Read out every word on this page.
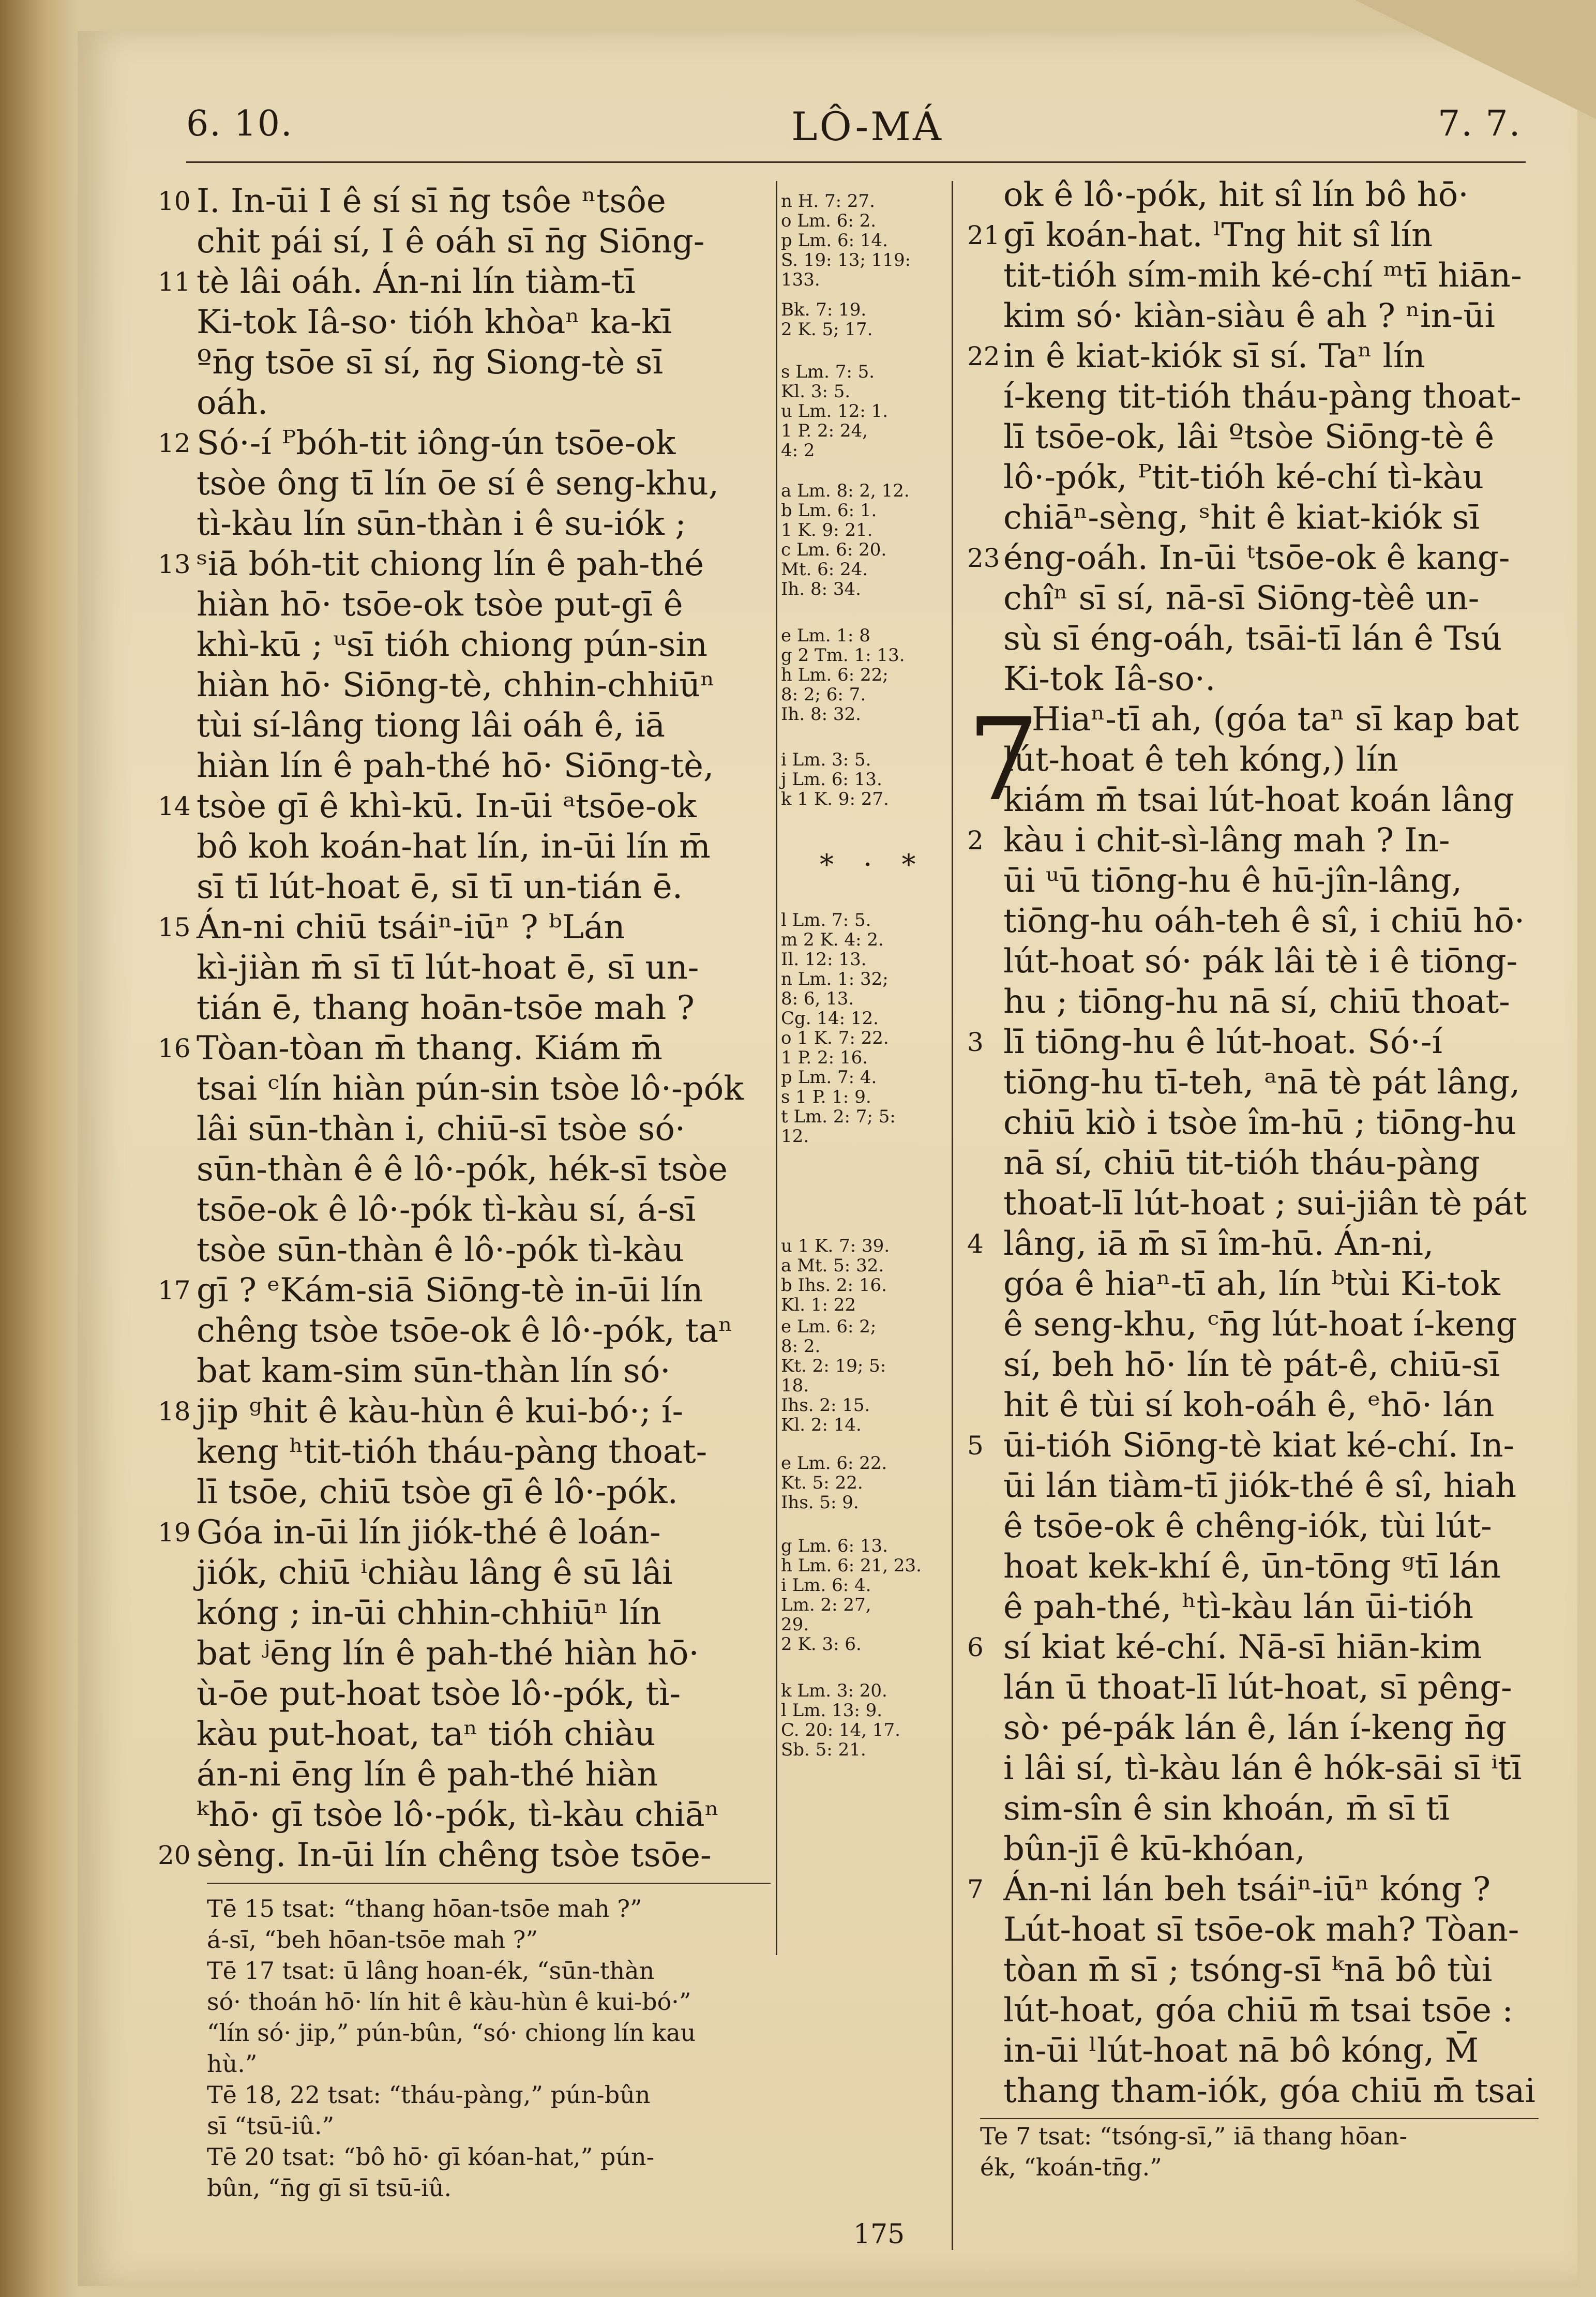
6. 10.	LÔ-MÁ	7. 7.
10 I. In-ūi I ê sí sī n̄g tsôe ⁿtsôe
chit pái sí, I ê oáh sī n̄g Siōng-
11 tè lâi oáh. Án-ni lín tiàm-tī
Ki-tok Iâ-so· tióh khòaⁿ ka-kī
ºn̄g tsōe sī sí, n̄g Siong-tè sī
oáh.
12 Só·-í ᴾbóh-tit iông-ún tsōe-ok
tsòe ông tī lín ōe sí ê seng-khu,
tì-kàu lín sūn-thàn i ê su-iók ;
13 ˢiā bóh-tit chiong lín ê pah-thé
hiàn hō· tsōe-ok tsòe put-gī ê
khì-kū ; ᵘsī tióh chiong pún-sin
hiàn hō· Siōng-tè, chhin-chhiūⁿ
tùi sí-lâng tiong lâi oáh ê, iā
hiàn lín ê pah-thé hō· Siōng-tè,
14 tsòe gī ê khì-kū. In-ūi ᵃtsōe-ok
bô koh koán-hat lín, in-ūi lín m̄
sī tī lút-hoat ē, sī tī un-tián ē.
15 Án-ni chiū tsáiⁿ-iūⁿ ? ᵇLán
kì-jiàn m̄ sī tī lút-hoat ē, sī un-
tián ē, thang hoān-tsōe mah ?
16 Tòan-tòan m̄ thang. Kiám m̄
tsai ᶜlín hiàn pún-sin tsòe lô·-pók
lâi sūn-thàn i, chiū-sī tsòe só·
sūn-thàn ê ê lô·-pók, hék-sī tsòe
tsōe-ok ê lô·-pók tì-kàu sí, á-sī
tsòe sūn-thàn ê lô·-pók tì-kàu
17 gī ? ᵉKám-siā Siōng-tè in-ūi lín
chêng tsòe tsōe-ok ê lô·-pók, taⁿ
bat kam-sim sūn-thàn lín só·
18 jip ᵍhit ê kàu-hùn ê kui-bó·; í-
keng ʰtit-tióh tháu-pàng thoat-
lī tsōe, chiū tsòe gī ê lô·-pók.
19 Góa in-ūi lín jiók-thé ê loán-
jiók, chiū ⁱchiàu lâng ê sū lâi
kóng ; in-ūi chhin-chhiūⁿ lín
bat ʲēng lín ê pah-thé hiàn hō·
ù-ōe put-hoat tsòe lô·-pók, tì-
kàu put-hoat, taⁿ tióh chiàu
án-ni ēng lín ê pah-thé hiàn
ᵏhō· gī tsòe lô·-pók, tì-kàu chiāⁿ
20 sèng. In-ūi lín chêng tsòe tsōe-
n H. 7: 27.
o Lm. 6: 2.
p Lm. 6: 14.
S. 19: 13; 119:
133.
Bk. 7: 19.
2 K. 5; 17.
s Lm. 7: 5.
Kl. 3: 5.
u Lm. 12: 1.
1 P. 2: 24,
4: 2
a Lm. 8: 2, 12.
b Lm. 6: 1.
1 K. 9: 21.
c Lm. 6: 20.
Mt. 6: 24.
Ih. 8: 34.
e Lm. 1: 8
g 2 Tm. 1: 13.
h Lm. 6: 22;
8: 2; 6: 7.
Ih. 8: 32.
i Lm. 3: 5.
j Lm. 6: 13.
k 1 K. 9: 27.
l Lm. 7: 5.
m 2 K. 4: 2.
Il. 12: 13.
n Lm. 1: 32;
8: 6, 13.
Cg. 14: 12.
o 1 K. 7: 22.
1 P. 2: 16.
p Lm. 7: 4.
s 1 P. 1: 9.
t Lm. 2: 7; 5:
12.
u 1 K. 7: 39.
a Mt. 5: 32.
b Ihs. 2: 16.
Kl. 1: 22
e Lm. 6: 2;
8: 2.
Kt. 2: 19; 5:
18.
Ihs. 2: 15.
Kl. 2: 14.
e Lm. 6: 22.
Kt. 5: 22.
Ihs. 5: 9.
g Lm. 6: 13.
h Lm. 6: 21, 23.
i Lm. 6: 4.
Lm. 2: 27,
29.
2 K. 3: 6.
k Lm. 3: 20.
l Lm. 13: 9.
C. 20: 14, 17.
Sb. 5: 21.
* · *
ok ê lô·-pók, hit sî lín bô hō·
21 gī koán-hat. ˡTng hit sî lín
tit-tióh sím-mih ké-chí ᵐtī hiān-
kim só· kiàn-siàu ê ah ? ⁿin-ūi
22 in ê kiat-kiók sī sí. Taⁿ lín
í-keng tit-tióh tháu-pàng thoat-
lī tsōe-ok, lâi ºtsòe Siōng-tè ê
lô·-pók, ᴾtit-tióh ké-chí tì-kàu
chiāⁿ-sèng, ˢhit ê kiat-kiók sī
23 éng-oáh. In-ūi ᵗtsōe-ok ê kang-
chîⁿ sī sí, nā-sī Siōng-tèê un-
sù sī éng-oáh, tsāi-tī lán ê Tsú
Ki-tok Iâ-so·.
7
Hiaⁿ-tī ah, (góa taⁿ sī kap bat
lút-hoat ê teh kóng,) lín
kiám m̄ tsai lút-hoat koán lâng
2 kàu i chit-sì-lâng mah ? In-
ūi ᵘū tiōng-hu ê hū-jîn-lâng,
tiōng-hu oáh-teh ê sî, i chiū hō·
lút-hoat só· pák lâi tè i ê tiōng-
hu ; tiōng-hu nā sí, chiū thoat-
3 lī tiōng-hu ê lút-hoat. Só·-í
tiōng-hu tī-teh, ᵃnā tè pát lâng,
chiū kiò i tsòe îm-hū ; tiōng-hu
nā sí, chiū tit-tióh tháu-pàng
thoat-lī lút-hoat ; sui-jiân tè pát
4 lâng, iā m̄ sī îm-hū. Án-ni,
góa ê hiaⁿ-tī ah, lín ᵇtùi Ki-tok
ê seng-khu, ᶜn̄g lút-hoat í-keng
sí, beh hō· lín tè pát-ê, chiū-sī
hit ê tùi sí koh-oáh ê, ᵉhō· lán
5 ūi-tióh Siōng-tè kiat ké-chí. In-
ūi lán tiàm-tī jiók-thé ê sî, hiah
ê tsōe-ok ê chêng-iók, tùi lút-
hoat kek-khí ê, ūn-tōng ᵍtī lán
ê pah-thé, ʰtì-kàu lán ūi-tióh
6 sí kiat ké-chí. Nā-sī hiān-kim
lán ū thoat-lī lút-hoat, sī pêng-
sò· pé-pák lán ê, lán í-keng n̄g
i lâi sí, tì-kàu lán ê hók-sāi sī ⁱtī
sim-sîn ê sin khoán, m̄ sī tī
bûn-jī ê kū-khóan,
7 Án-ni lán beh tsáiⁿ-iūⁿ kóng ?
Lút-hoat sī tsōe-ok mah? Tòan-
tòan m̄ sī ; tsóng-sī ᵏnā bô tùi
lút-hoat, góa chiū m̄ tsai tsōe :
in-ūi ˡlút-hoat nā bô kóng, M̄
thang tham-iók, góa chiū m̄ tsai
Tē 15 tsat: “thang hōan-tsōe mah ?”
á-sī, “beh hōan-tsōe mah ?”
Tē 17 tsat: ū lâng hoan-ék, “sūn-thàn
só· thoán hō· lín hit ê kàu-hùn ê kui-bó·”
“lín só· jip,” pún-bûn, “só· chiong lín kau
hù.”
Tē 18, 22 tsat: “tháu-pàng,” pún-bûn
sī “tsū-iû.”
Tē 20 tsat: “bô hō· gī kóan-hat,” pún-
bûn, “n̄g gī sī tsū-iû.
Te 7 tsat: “tsóng-sī,” iā thang hōan-
ék, “koán-tn̄g.”
175
